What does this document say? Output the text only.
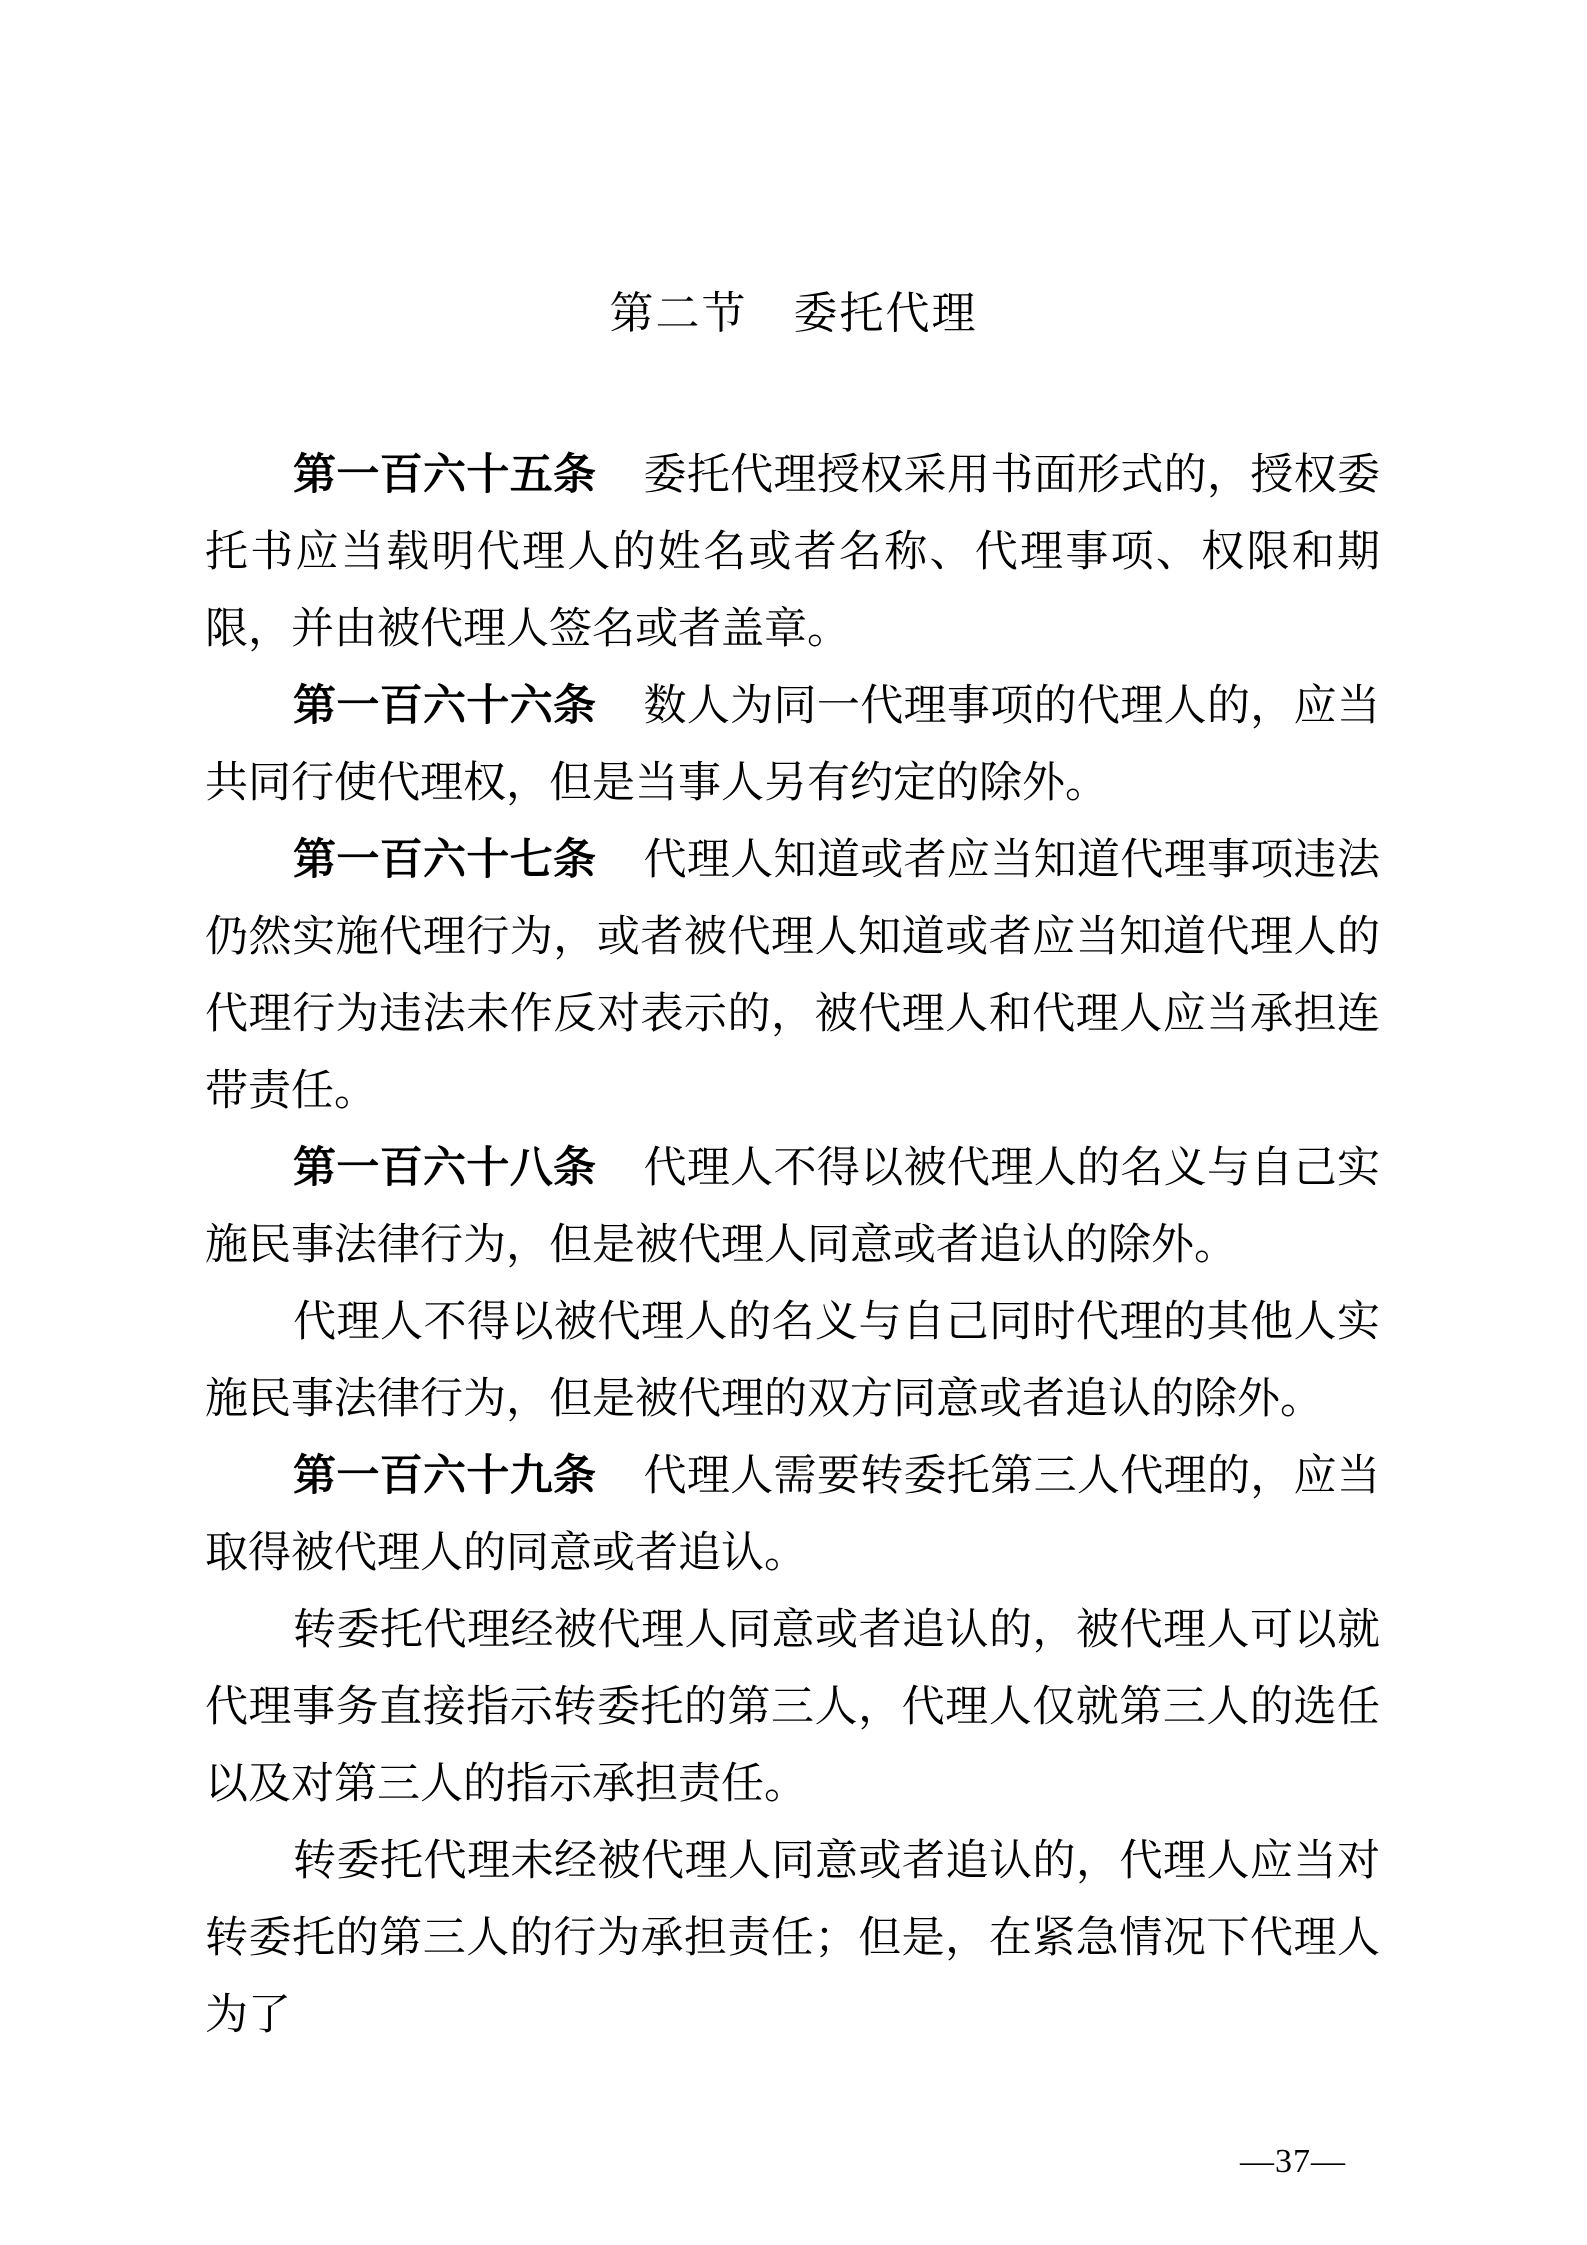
第二节　委托代理

第一百六十五条 委托代理授权采用书面形式的，授权委托书应当载明代理人的姓名或者名称、代理事项、权限和期限，并由被代理人签名或者盖章。

第一百六十六条 数人为同一代理事项的代理人的，应当共同行使代理权，但是当事人另有约定的除外。

第一百六十七条 代理人知道或者应当知道代理事项违法仍然实施代理行为，或者被代理人知道或者应当知道代理人的代理行为违法未作反对表示的，被代理人和代理人应当承担连带责任。

第一百六十八条 代理人不得以被代理人的名义与自己实施民事法律行为，但是被代理人同意或者追认的除外。

代理人不得以被代理人的名义与自己同时代理的其他人实施民事法律行为，但是被代理的双方同意或者追认的除外。

第一百六十九条 代理人需要转委托第三人代理的，应当取得被代理人的同意或者追认。

转委托代理经被代理人同意或者追认的，被代理人可以就代理事务直接指示转委托的第三人，代理人仅就第三人的选任以及对第三人的指示承担责任。

转委托代理未经被代理人同意或者追认的，代理人应当对转委托的第三人的行为承担责任；但是，在紧急情况下代理人为了

—37—
